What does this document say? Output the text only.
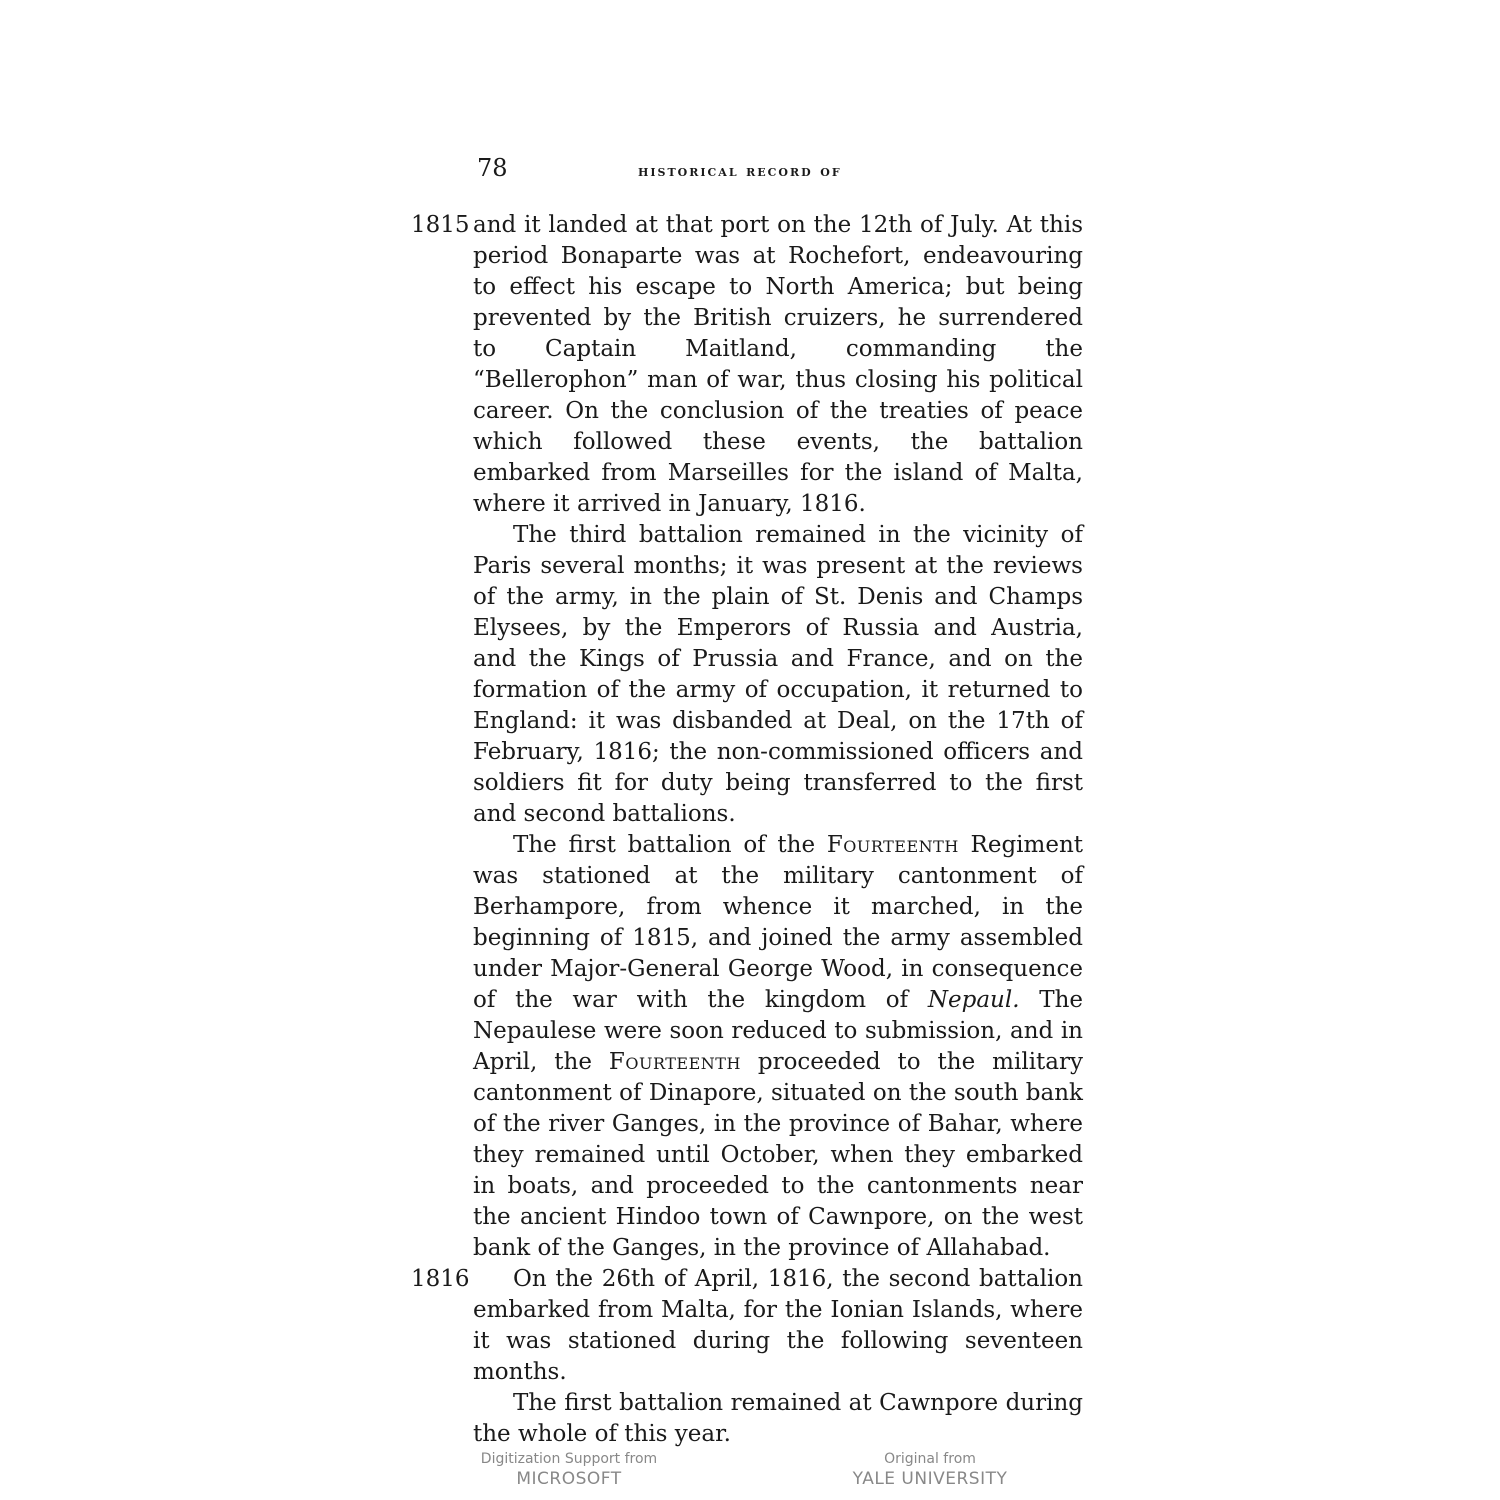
78	historical record of
1815 and it landed at that port on the 12th of July. At this period Bonaparte was at Rochefort, endeavouring to effect his escape to North America; but being prevented by the British cruizers, he surrendered to Captain Maitland, commanding the “Bellerophon” man of war, thus closing his political career. On the conclusion of the treaties of peace which followed these events, the battalion embarked from Marseilles for the island of Malta, where it arrived in January, 1816.

The third battalion remained in the vicinity of Paris several months; it was present at the reviews of the army, in the plain of St. Denis and Champs Elysees, by the Emperors of Russia and Austria, and the Kings of Prussia and France, and on the formation of the army of occupation, it returned to England: it was disbanded at Deal, on the 17th of February, 1816; the non-commissioned officers and soldiers fit for duty being transferred to the first and second battalions.

The first battalion of the Fourteenth Regiment was stationed at the military cantonment of Berhampore, from whence it marched, in the beginning of 1815, and joined the army assembled under Major-General George Wood, in consequence of the war with the kingdom of Nepaul. The Nepaulese were soon reduced to submission, and in April, the Fourteenth proceeded to the military cantonment of Dinapore, situated on the south bank of the river Ganges, in the province of Bahar, where they remained until October, when they embarked in boats, and proceeded to the cantonments near the ancient Hindoo town of Cawnpore, on the west bank of the Ganges, in the province of Allahabad.

1816	On the 26th of April, 1816, the second battalion embarked from Malta, for the Ionian Islands, where it was stationed during the following seventeen months.

The first battalion remained at Cawnpore during the whole of this year.

Digitization Support from
MICROSOFT
Original from
YALE UNIVERSITY
